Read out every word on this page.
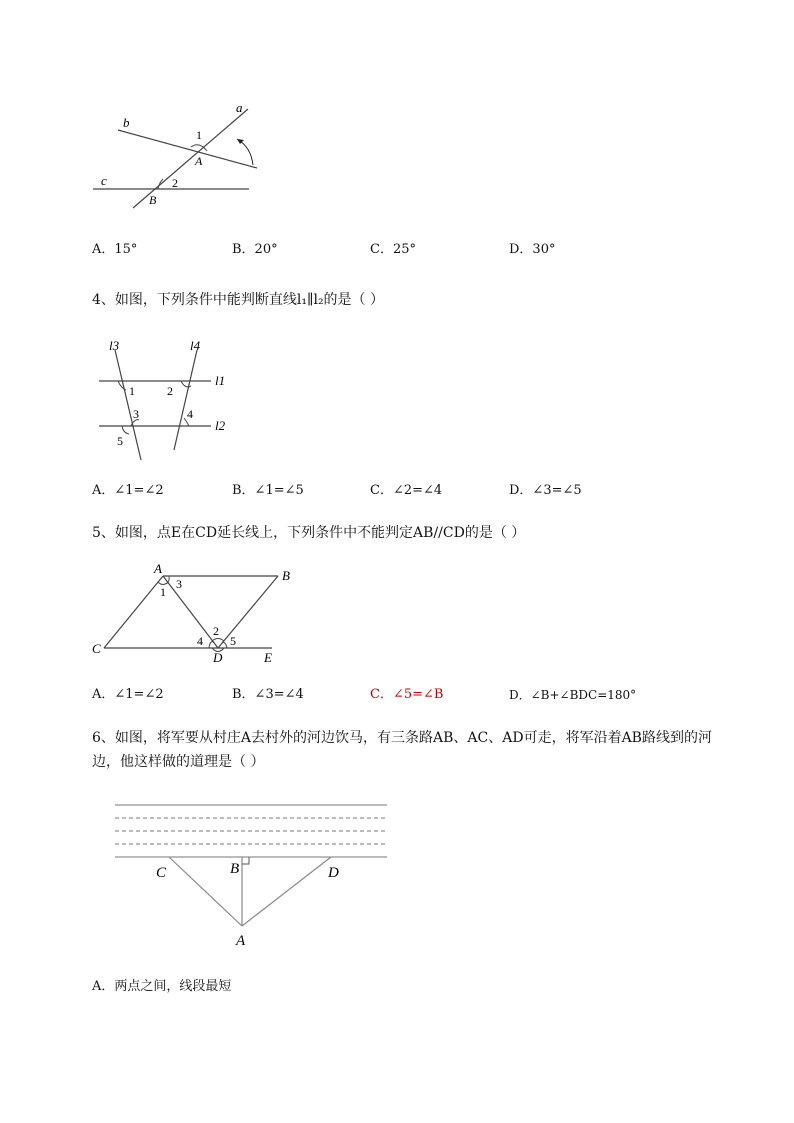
a
b
c
1
2
A
B
A．15°	B．20°	C．25°	D．30°
4、如图，下列条件中能判断直线l₁∥l₂的是（ ）
l3	l4
l1
l2
1	2
3	4
5
A．∠1=∠2	B．∠1=∠5	C．∠2=∠4	D．∠3=∠5
5、如图，点E在CD延长线上，下列条件中不能判定AB//CD的是（ ）
A	B
C
D	E
1
2
3
4 5
A．∠1=∠2	B．∠3=∠4	C．∠5=∠B	D．∠B+∠BDC=180°
6、如图，将军要从村庄A去村外的河边饮马，有三条路AB、AC、AD可走，将军沿着AB路线到的河
边，他这样做的道理是（ ）
C	B	D
A
A．两点之间，线段最短
